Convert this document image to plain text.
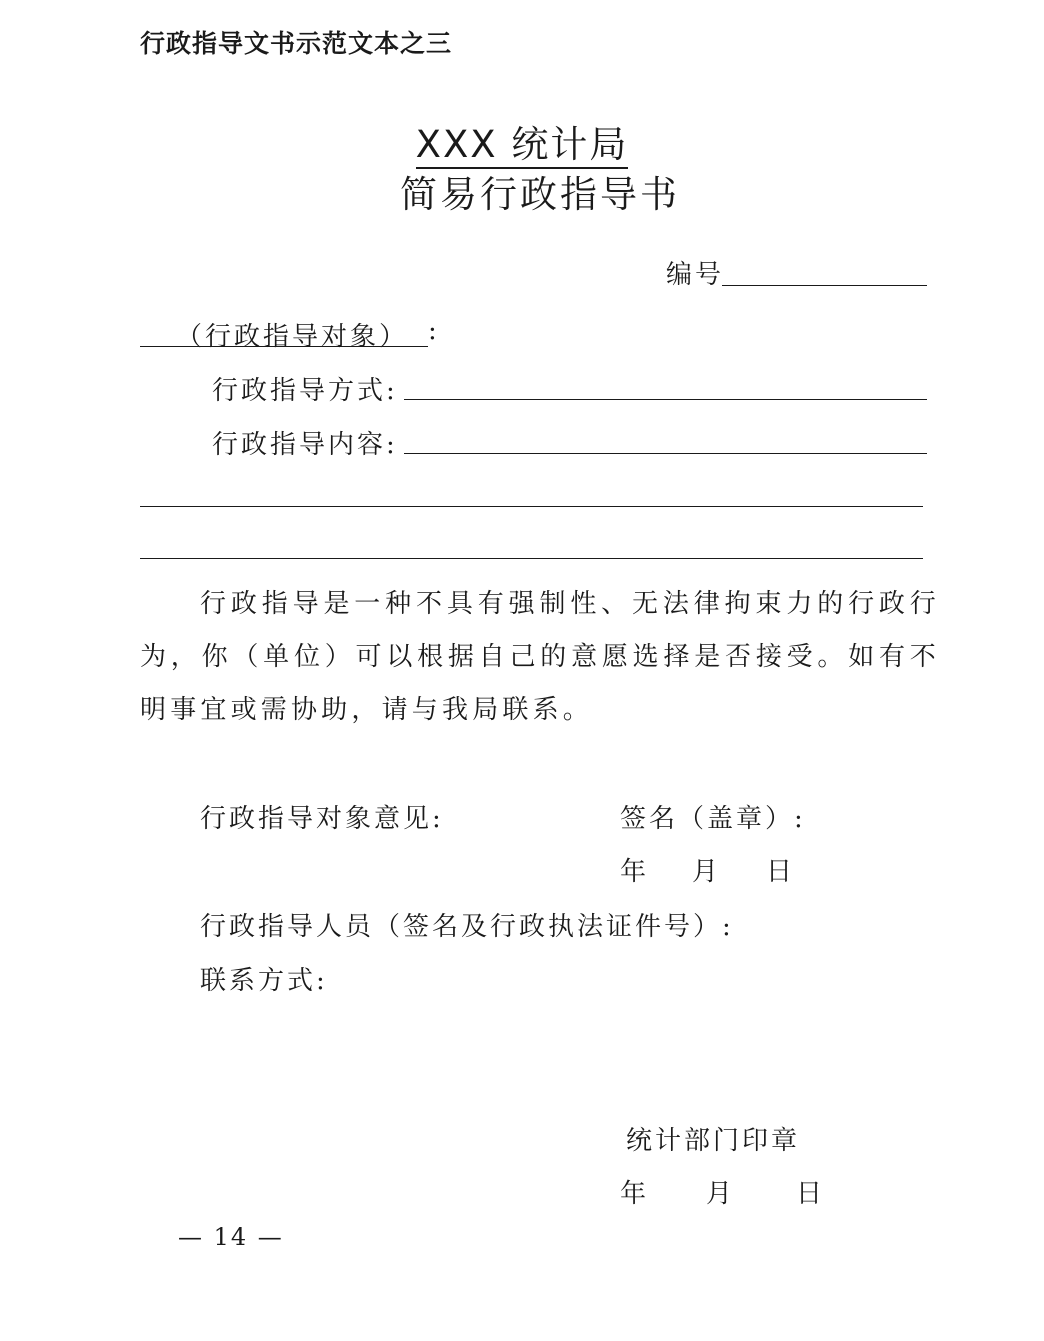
行政指导文书示范文本之三
XXX 统计局
简易行政指导书
编号
（行政指导对象） :
行政指导方式:
行政指导内容:
行政指导是一种不具有强制性、无法律拘束力的行政行为，你（单位）可以根据自己的意愿选择是否接受。如有不明事宜或需协助，请与我局联系。
行政指导对象意见:	签名（盖章）:
年 月 日
行政指导人员（签名及行政执法证件号）:
联系方式:
统计部门印章
年 月 日
— 14 —
